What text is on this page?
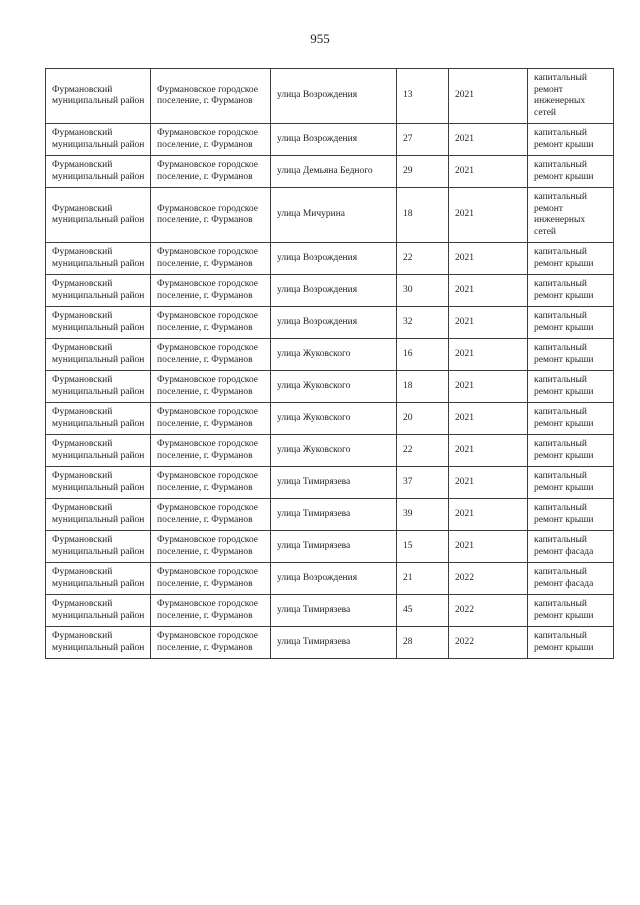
955
Фурмановский муниципальный район	Фурмановское городское поселение, г. Фурманов	улица Возрождения	13	2021	капитальный ремонт инженерных сетей
Фурмановский муниципальный район	Фурмановское городское поселение, г. Фурманов	улица Возрождения	27	2021	капитальный ремонт крыши
Фурмановский муниципальный район	Фурмановское городское поселение, г. Фурманов	улица Демьяна Бедного	29	2021	капитальный ремонт крыши
Фурмановский муниципальный район	Фурмановское городское поселение, г. Фурманов	улица Мичурина	18	2021	капитальный ремонт инженерных сетей
Фурмановский муниципальный район	Фурмановское городское поселение, г. Фурманов	улица Возрождения	22	2021	капитальный ремонт крыши
Фурмановский муниципальный район	Фурмановское городское поселение, г. Фурманов	улица Возрождения	30	2021	капитальный ремонт крыши
Фурмановский муниципальный район	Фурмановское городское поселение, г. Фурманов	улица Возрождения	32	2021	капитальный ремонт крыши
Фурмановский муниципальный район	Фурмановское городское поселение, г. Фурманов	улица Жуковского	16	2021	капитальный ремонт крыши
Фурмановский муниципальный район	Фурмановское городское поселение, г. Фурманов	улица Жуковского	18	2021	капитальный ремонт крыши
Фурмановский муниципальный район	Фурмановское городское поселение, г. Фурманов	улица Жуковского	20	2021	капитальный ремонт крыши
Фурмановский муниципальный район	Фурмановское городское поселение, г. Фурманов	улица Жуковского	22	2021	капитальный ремонт крыши
Фурмановский муниципальный район	Фурмановское городское поселение, г. Фурманов	улица Тимирязева	37	2021	капитальный ремонт крыши
Фурмановский муниципальный район	Фурмановское городское поселение, г. Фурманов	улица Тимирязева	39	2021	капитальный ремонт крыши
Фурмановский муниципальный район	Фурмановское городское поселение, г. Фурманов	улица Тимирязева	15	2021	капитальный ремонт фасада
Фурмановский муниципальный район	Фурмановское городское поселение, г. Фурманов	улица Возрождения	21	2022	капитальный ремонт фасада
Фурмановский муниципальный район	Фурмановское городское поселение, г. Фурманов	улица Тимирязева	45	2022	капитальный ремонт крыши
Фурмановский муниципальный район	Фурмановское городское поселение, г. Фурманов	улица Тимирязева	28	2022	капитальный ремонт крыши
